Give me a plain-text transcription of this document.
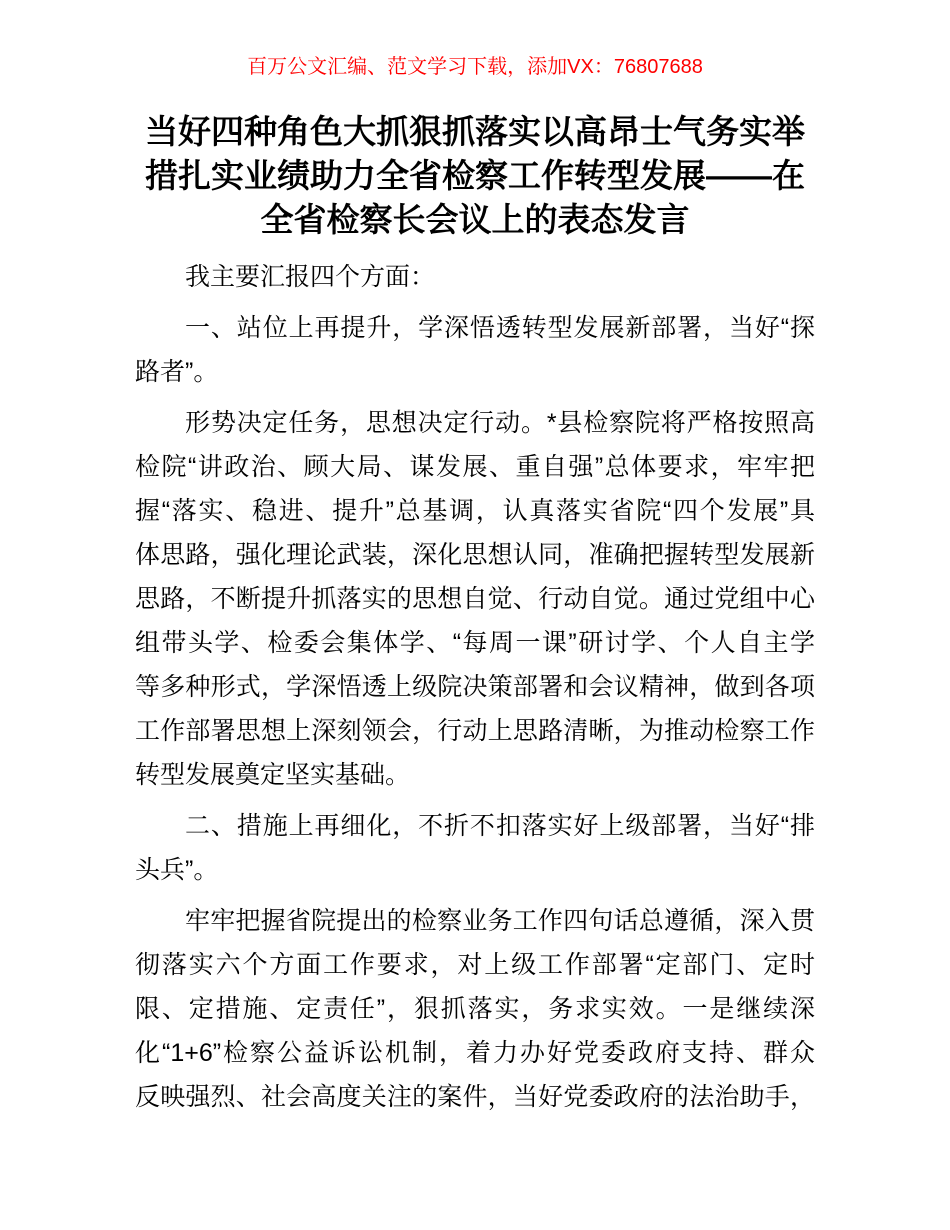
百万公文汇编、范文学习下载，添加VX：76807688
当好四种角色大抓狠抓落实以高昂士气务实举
措扎实业绩助力全省检察工作转型发展——在
全省检察长会议上的表态发言
我主要汇报四个方面：
一、站位上再提升，学深悟透转型发展新部署，当好“探
路者”。
形势决定任务，思想决定行动。*县检察院将严格按照高
检院“讲政治、顾大局、谋发展、重自强”总体要求，牢牢把
握“落实、稳进、提升”总基调，认真落实省院“四个发展”具
体思路，强化理论武装，深化思想认同，准确把握转型发展新
思路，不断提升抓落实的思想自觉、行动自觉。通过党组中心
组带头学、检委会集体学、“每周一课”研讨学、个人自主学
等多种形式，学深悟透上级院决策部署和会议精神，做到各项
工作部署思想上深刻领会，行动上思路清晰，为推动检察工作
转型发展奠定坚实基础。
二、措施上再细化，不折不扣落实好上级部署，当好“排
头兵”。
牢牢把握省院提出的检察业务工作四句话总遵循，深入贯
彻落实六个方面工作要求，对上级工作部署“定部门、定时
限、定措施、定责任”，狠抓落实，务求实效。一是继续深
化“1+6”检察公益诉讼机制，着力办好党委政府支持、群众
反映强烈、社会高度关注的案件，当好党委政府的法治助手，
